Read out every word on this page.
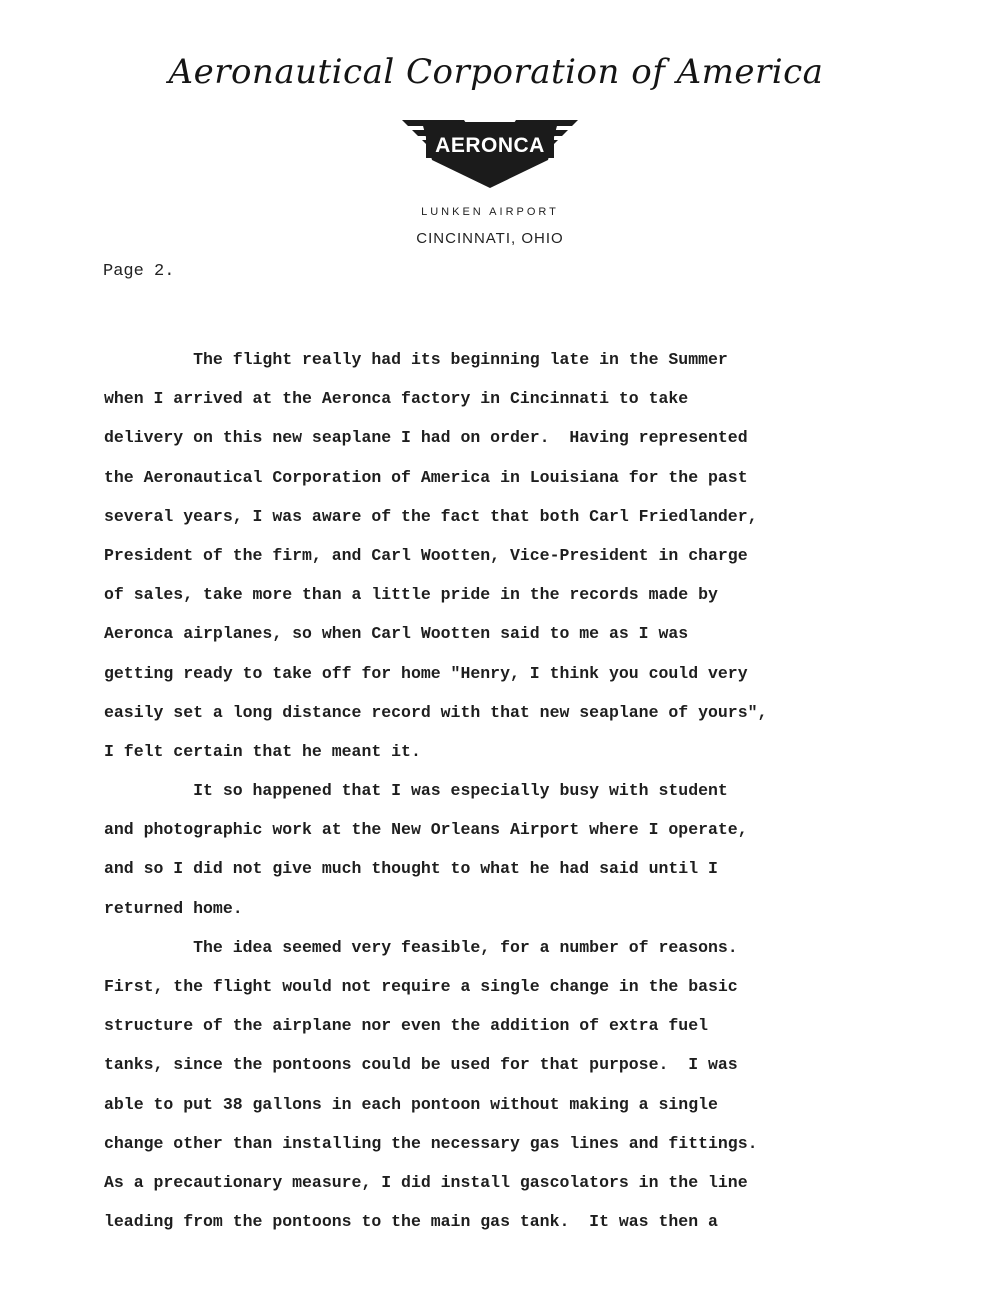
Aeronautical Corporation of America
AERONCA
LUNKEN AIRPORT
CINCINNATI, OHIO
Page 2.
The flight really had its beginning late in the Summer
when I arrived at the Aeronca factory in Cincinnati to take
delivery on this new seaplane I had on order.  Having represented
the Aeronautical Corporation of America in Louisiana for the past
several years, I was aware of the fact that both Carl Friedlander,
President of the firm, and Carl Wootten, Vice-President in charge
of sales, take more than a little pride in the records made by
Aeronca airplanes, so when Carl Wootten said to me as I was
getting ready to take off for home "Henry, I think you could very
easily set a long distance record with that new seaplane of yours",
I felt certain that he meant it.
It so happened that I was especially busy with student
and photographic work at the New Orleans Airport where I operate,
and so I did not give much thought to what he had said until I
returned home.
The idea seemed very feasible, for a number of reasons.
First, the flight would not require a single change in the basic
structure of the airplane nor even the addition of extra fuel
tanks, since the pontoons could be used for that purpose.  I was
able to put 38 gallons in each pontoon without making a single
change other than installing the necessary gas lines and fittings.
As a precautionary measure, I did install gascolators in the line
leading from the pontoons to the main gas tank.  It was then a
